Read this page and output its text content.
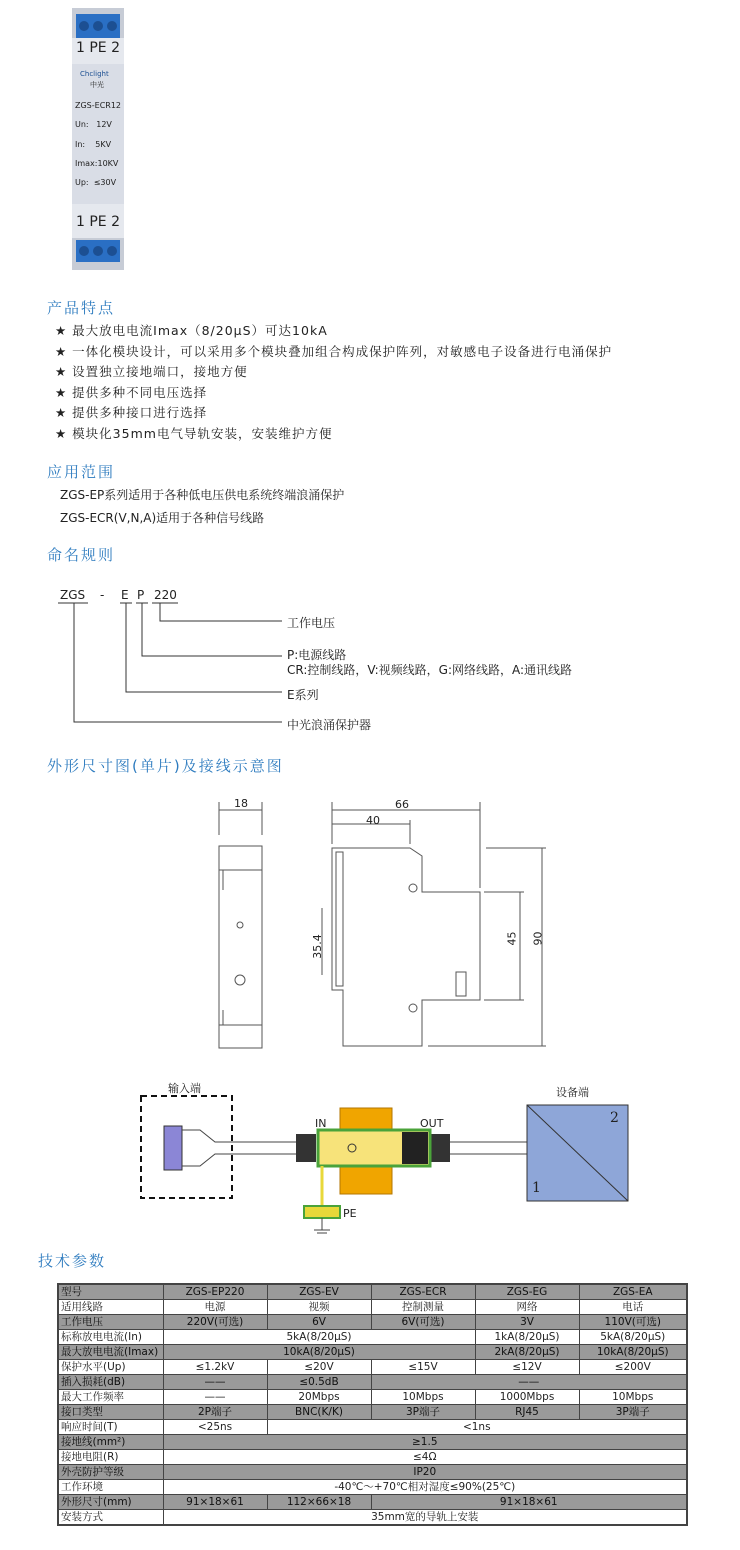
1 PE 2
Chclight
中光
ZGS-ECR12
Un:   12V
In:    5KV
Imax:10KV
Up:  ≤30V
1 PE 2
产品特点
★ 最大放电电流Imax（8/20μS）可达10kA
★ 一体化模块设计，可以采用多个模块叠加组合构成保护阵列，对敏感电子设备进行电涌保护
★ 设置独立接地端口，接地方便
★ 提供多种不同电压选择
★ 提供多种接口进行选择
★ 模块化35mm电气导轨安装，安装维护方便
应用范围
ZGS-EP系列适用于各种低电压供电系统终端浪涌保护
ZGS-ECR(V,N,A)适用于各种信号线路
命名规则
ZGS - E P 220
工作电压
P:电源线路
CR:控制线路，V:视频线路，G:网络线路，A:通讯线路
E系列
中光浪涌保护器
外形尺寸图(单片)及接线示意图
18	66
40
45 90
35.4
输入端	设备端
IN	OUT
PE
1
2
技术参数
型号	ZGS-EP220	ZGS-EV	ZGS-ECR	ZGS-EG	ZGS-EA
适用线路	电源	视频	控制测量	网络	电话
工作电压	220V(可选)	6V	6V(可选)	3V	110V(可选)
标称放电电流(In)	5kA(8/20μS)			1kA(8/20μS)	5kA(8/20μS)
最大放电电流(Imax)	10kA(8/20μS)			2kA(8/20μS)	10kA(8/20μS)
保护水平(Up)	≤1.2kV	≤20V	≤15V	≤12V	≤200V
插入损耗(dB)	——	≤0.5dB	——		
最大工作频率	——	20Mbps	10Mbps	1000Mbps	10Mbps
接口类型	2P端子	BNC(K/K)	3P端子	RJ45	3P端子
响应时间(T)	<25ns	<1ns			
接地线(mm²)	≥1.5				
接地电阻(R)	≤4Ω				
外壳防护等级	IP20				
工作环境	-40℃～+70℃相对湿度≤90%(25℃)				
外形尺寸(mm)	91×18×61	112×66×18	91×18×61		
安装方式	35mm宽的导轨上安装				
